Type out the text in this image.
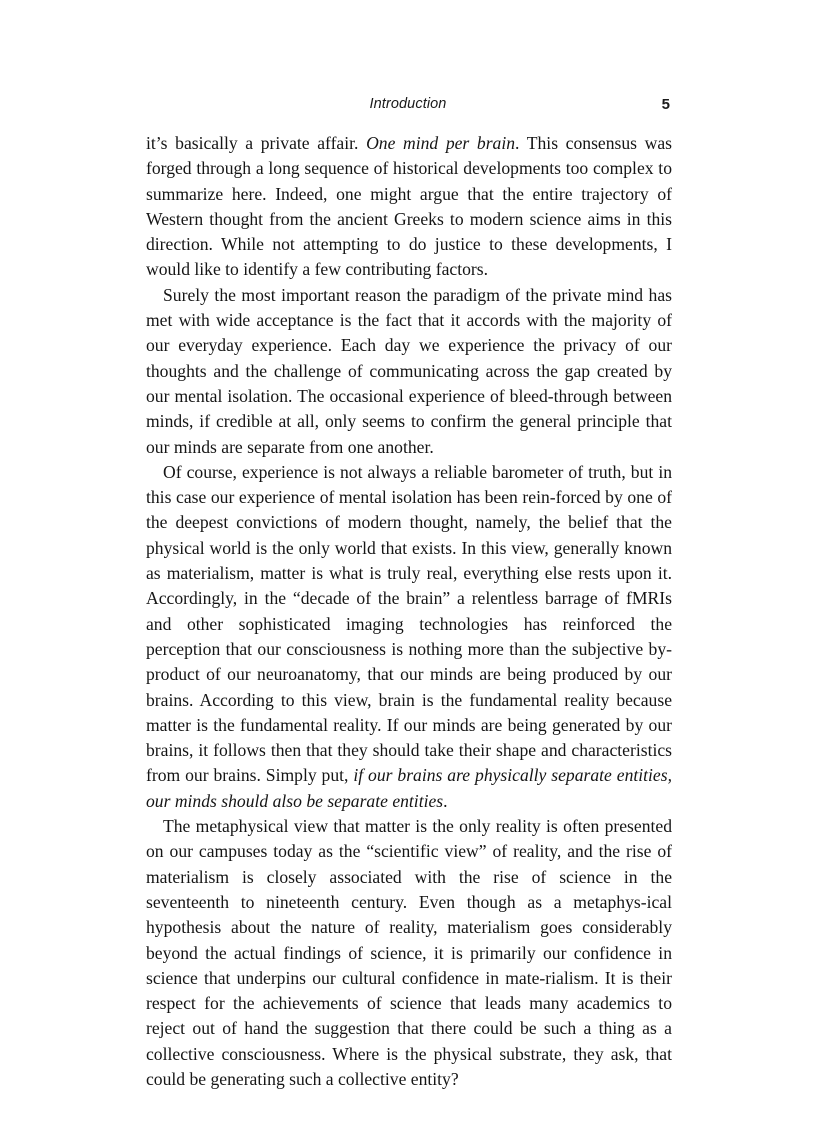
Introduction	5

it’s basically a private affair. One mind per brain. This consensus was forged through a long sequence of historical developments too complex to summarize here. Indeed, one might argue that the entire trajectory of Western thought from the ancient Greeks to modern science aims in this direction. While not attempting to do justice to these developments, I would like to identify a few contributing factors.

Surely the most important reason the paradigm of the private mind has met with wide acceptance is the fact that it accords with the majority of our everyday experience. Each day we experience the privacy of our thoughts and the challenge of communicating across the gap created by our mental isolation. The occasional experience of bleed-through between minds, if credible at all, only seems to confirm the general principle that our minds are separate from one another.

Of course, experience is not always a reliable barometer of truth, but in this case our experience of mental isolation has been rein-forced by one of the deepest convictions of modern thought, namely, the belief that the physical world is the only world that exists. In this view, generally known as materialism, matter is what is truly real, everything else rests upon it. Accordingly, in the “decade of the brain” a relentless barrage of fMRIs and other sophisticated imaging technologies has reinforced the perception that our consciousness is nothing more than the subjective by-product of our neuroanatomy, that our minds are being produced by our brains. According to this view, brain is the fundamental reality because matter is the fundamental reality. If our minds are being generated by our brains, it follows then that they should take their shape and characteristics from our brains. Simply put, if our brains are physically separate entities, our minds should also be separate entities.

The metaphysical view that matter is the only reality is often presented on our campuses today as the “scientific view” of reality, and the rise of materialism is closely associated with the rise of science in the seventeenth to nineteenth century. Even though as a metaphys-ical hypothesis about the nature of reality, materialism goes considerably beyond the actual findings of science, it is primarily our confidence in science that underpins our cultural confidence in mate-rialism. It is their respect for the achievements of science that leads many academics to reject out of hand the suggestion that there could be such a thing as a collective consciousness. Where is the physical substrate, they ask, that could be generating such a collective entity?
